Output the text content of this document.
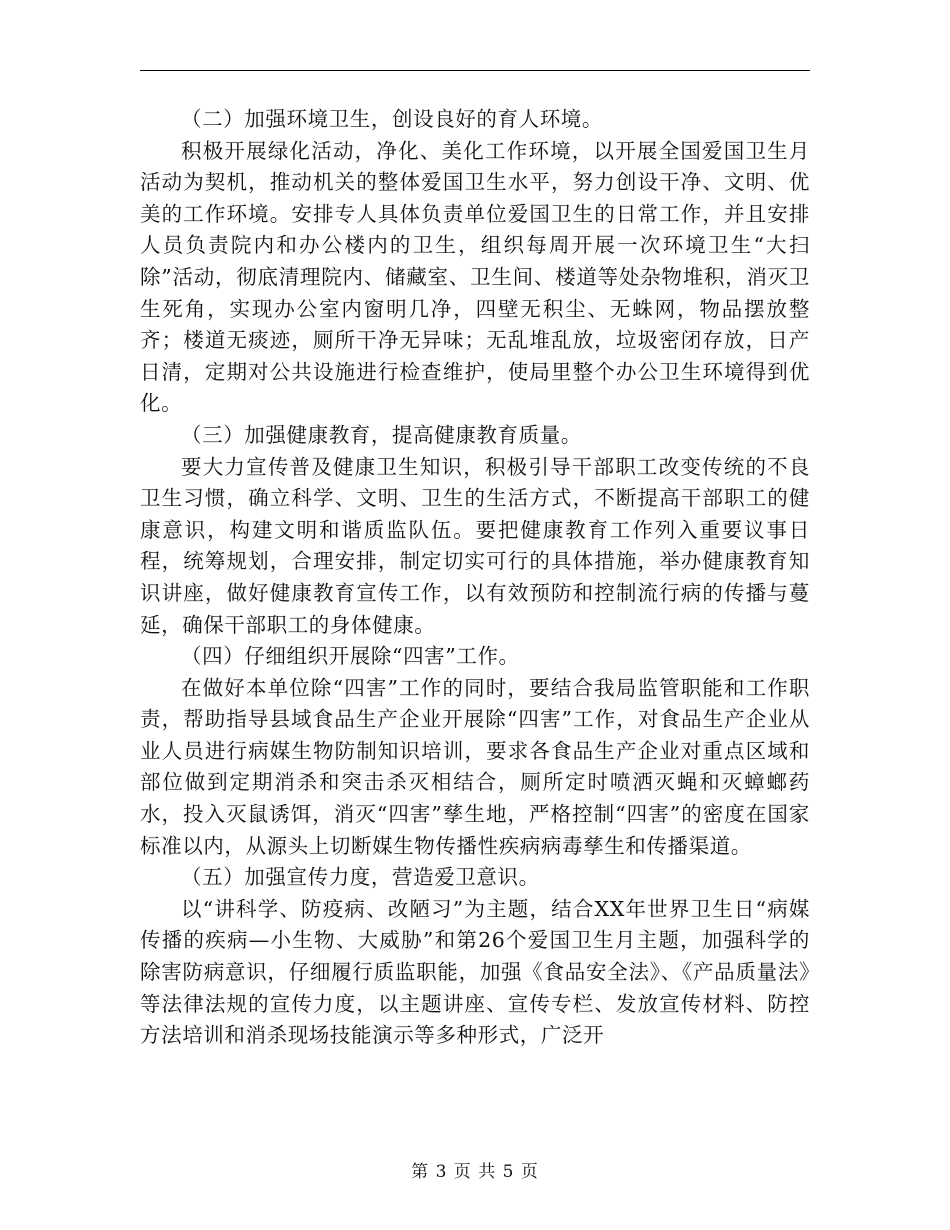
（二）加强环境卫生，创设良好的育人环境。

积极开展绿化活动，净化、美化工作环境，以开展全国爱国卫生月活动为契机，推动机关的整体爱国卫生水平，努力创设干净、文明、优美的工作环境。安排专人具体负责单位爱国卫生的日常工作，并且安排人员负责院内和办公楼内的卫生，组织每周开展一次环境卫生“大扫除”活动，彻底清理院内、储藏室、卫生间、楼道等处杂物堆积，消灭卫生死角，实现办公室内窗明几净，四壁无积尘、无蛛网，物品摆放整齐；楼道无痰迹，厕所干净无异味；无乱堆乱放，垃圾密闭存放，日产日清，定期对公共设施进行检查维护，使局里整个办公卫生环境得到优化。

（三）加强健康教育，提高健康教育质量。

要大力宣传普及健康卫生知识，积极引导干部职工改变传统的不良卫生习惯，确立科学、文明、卫生的生活方式，不断提高干部职工的健康意识，构建文明和谐质监队伍。要把健康教育工作列入重要议事日程，统筹规划，合理安排，制定切实可行的具体措施，举办健康教育知识讲座，做好健康教育宣传工作，以有效预防和控制流行病的传播与蔓延，确保干部职工的身体健康。

（四）仔细组织开展除“四害”工作。

在做好本单位除“四害”工作的同时，要结合我局监管职能和工作职责，帮助指导县域食品生产企业开展除“四害”工作，对食品生产企业从业人员进行病媒生物防制知识培训，要求各食品生产企业对重点区域和部位做到定期消杀和突击杀灭相结合，厕所定时喷洒灭蝇和灭蟑螂药水，投入灭鼠诱饵，消灭“四害”孳生地，严格控制“四害”的密度在国家标准以内，从源头上切断媒生物传播性疾病病毒孳生和传播渠道。

（五）加强宣传力度，营造爱卫意识。

以“讲科学、防疫病、改陋习”为主题，结合XX年世界卫生日“病媒传播的疾病—小生物、大威胁”和第26个爱国卫生月主题，加强科学的除害防病意识，仔细履行质监职能，加强《食品安全法》、《产品质量法》等法律法规的宣传力度，以主题讲座、宣传专栏、发放宣传材料、防控方法培训和消杀现场技能演示等多种形式，广泛开

第 3 页 共 5 页
